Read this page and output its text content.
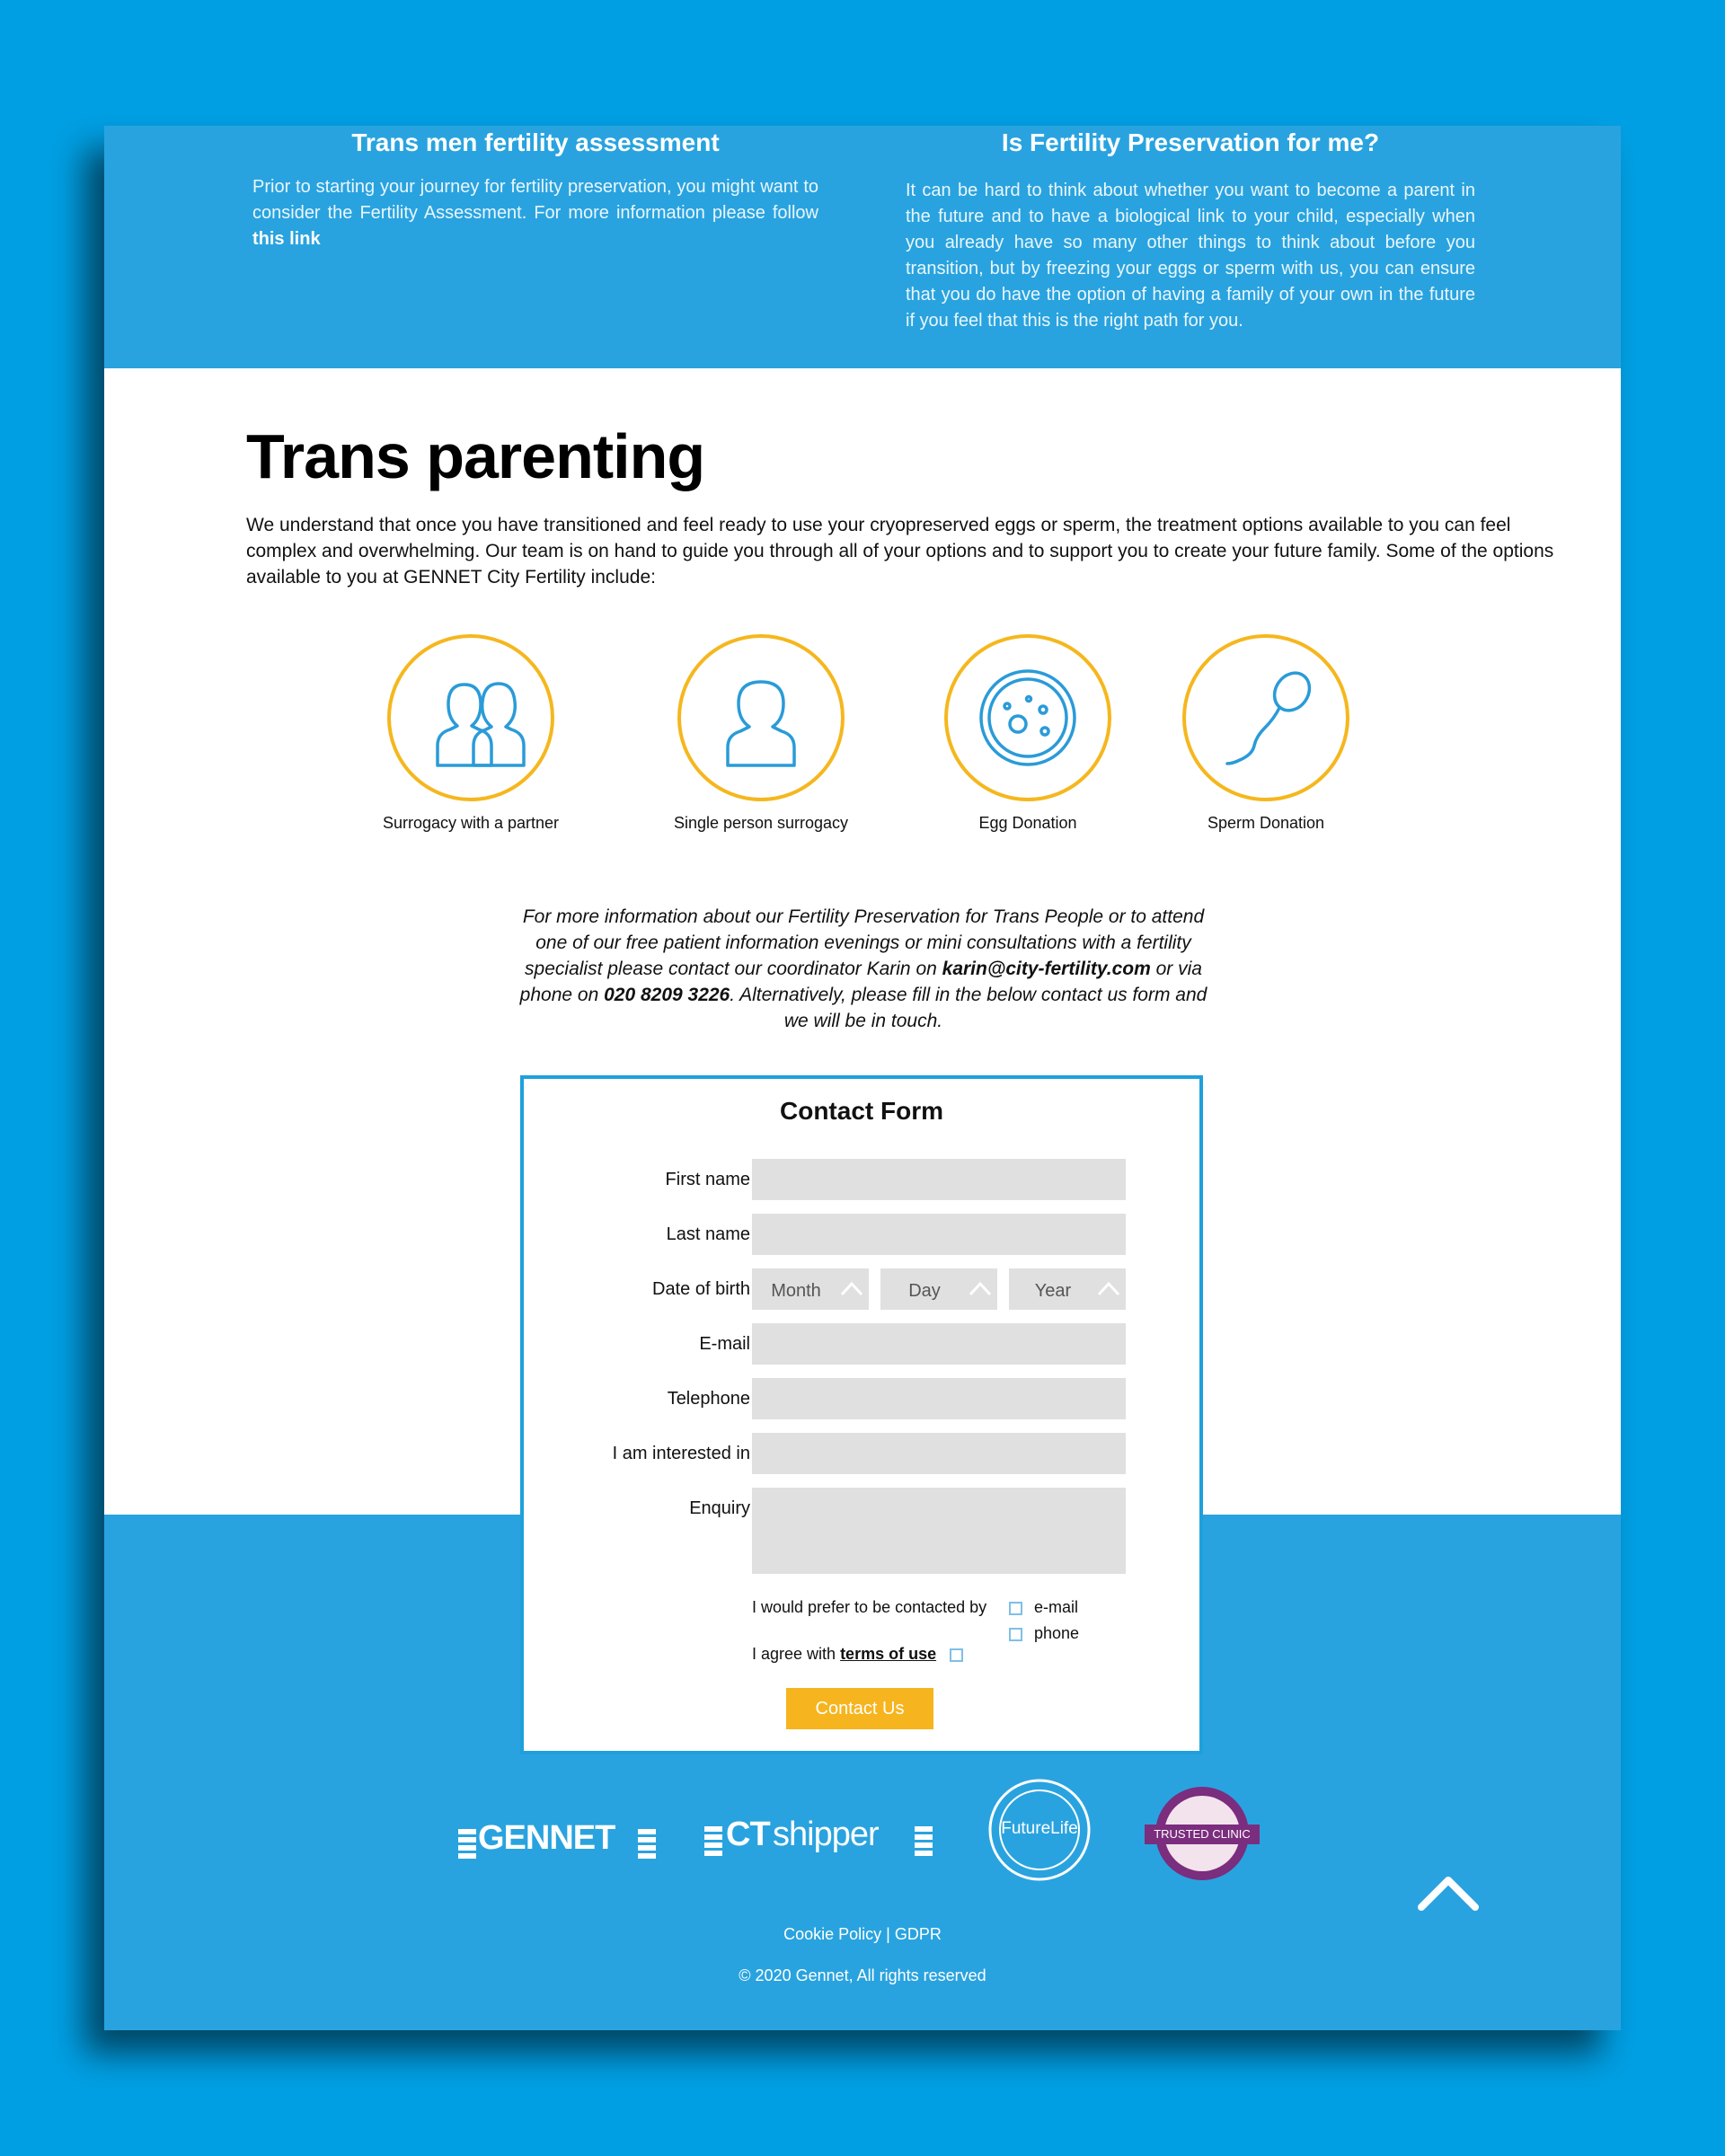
Trans men fertility assessment

Prior to starting your journey for fertility preservation, you might want to consider the Fertility Assessment. For more information please follow this link

Is Fertility Preservation for me?

It can be hard to think about whether you want to become a parent in the future and to have a biological link to your child, especially when you already have so many other things to think about before you transition, but by freezing your eggs or sperm with us, you can ensure that you do have the option of having a family of your own in the future if you feel that this is the right path for you.

Trans parenting

We understand that once you have transitioned and feel ready to use your cryopreserved eggs or sperm, the treatment options available to you can feel complex and overwhelming. Our team is on hand to guide you through all of your options and to support you to create your future family. Some of the options available to you at GENNET City Fertility include:

Surrogacy with a partner	Single person surrogacy	Egg Donation	Sperm Donation

For more information about our Fertility Preservation for Trans People or to attend one of our free patient information evenings or mini consultations with a fertility specialist please contact our coordinator Karin on karin@city-fertility.com or via phone on 020 8209 3226. Alternatively, please fill in the below contact us form and we will be in touch.

Contact Form
First name
Last name
Date of birth	Month	Day	Year
E-mail
Telephone
I am interested in
Enquiry
I would prefer to be contacted by	e-mail
phone
I agree with terms of use
Contact Us
GENNET	CT shipper	FutureLife	TRUSTED CLINIC
Cookie Policy | GDPR
© 2020 Gennet, All rights reserved
